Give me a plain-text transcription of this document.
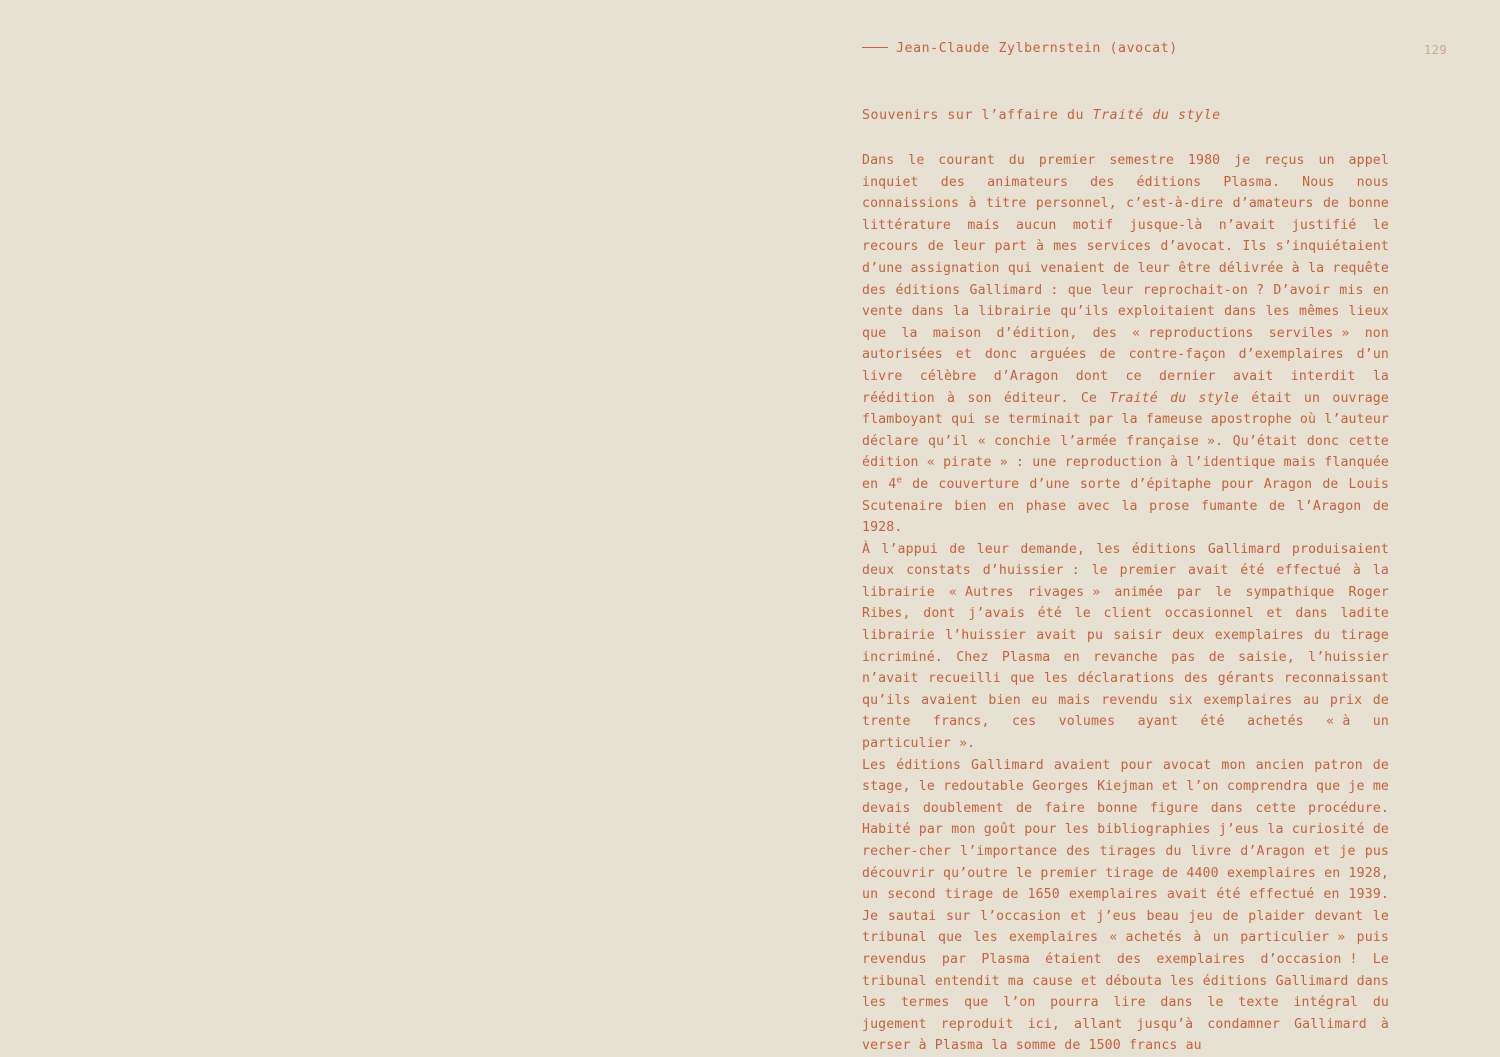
Jean-Claude Zylbernstein (avocat)	129
Souvenirs sur l’affaire du Traité du style

Dans le courant du premier semestre 1980 je reçus un appel inquiet des animateurs des éditions Plasma. Nous nous connaissions à titre personnel, c’est-à-dire d’amateurs de bonne littérature mais aucun motif jusque-là n’avait justifié le recours de leur part à mes services d’avocat. Ils s’inquiétaient d’une assignation qui venaient de leur être délivrée à la requête des éditions Gallimard : que leur reprochait-on ? D’avoir mis en vente dans la librairie qu’ils exploitaient dans les mêmes lieux que la maison d’édition, des « reproductions serviles » non autorisées et donc arguées de contre-façon d’exemplaires d’un livre célèbre d’Aragon dont ce dernier avait interdit la réédition à son éditeur. Ce Traité du style était un ouvrage flamboyant qui se terminait par la fameuse apostrophe où l’auteur déclare qu’il « conchie l’armée française ». Qu’était donc cette édition « pirate » : une reproduction à l’identique mais flanquée en 4e de couverture d’une sorte d’épitaphe pour Aragon de Louis Scutenaire bien en phase avec la prose fumante de l’Aragon de 1928.

À l’appui de leur demande, les éditions Gallimard produisaient deux constats d’huissier : le premier avait été effectué à la librairie « Autres rivages » animée par le sympathique Roger Ribes, dont j’avais été le client occasionnel et dans ladite librairie l’huissier avait pu saisir deux exemplaires du tirage incriminé. Chez Plasma en revanche pas de saisie, l’huissier n’avait recueilli que les déclarations des gérants reconnaissant qu’ils avaient bien eu mais revendu six exemplaires au prix de trente francs, ces volumes ayant été achetés « à un particulier ».

Les éditions Gallimard avaient pour avocat mon ancien patron de stage, le redoutable Georges Kiejman et l’on comprendra que je me devais doublement de faire bonne figure dans cette procédure. Habité par mon goût pour les bibliographies j’eus la curiosité de recher-cher l’importance des tirages du livre d’Aragon et je pus découvrir qu’outre le premier tirage de 4400 exemplaires en 1928, un second tirage de 1650 exemplaires avait été effectué en 1939. Je sautai sur l’occasion et j’eus beau jeu de plaider devant le tribunal que les exemplaires « achetés à un particulier » puis revendus par Plasma étaient des exemplaires d’occasion ! Le tribunal entendit ma cause et débouta les éditions Gallimard dans les termes que l’on pourra lire dans le texte intégral du jugement reproduit ici, allant jusqu’à condamner Gallimard à verser à Plasma la somme de 1500 francs au
